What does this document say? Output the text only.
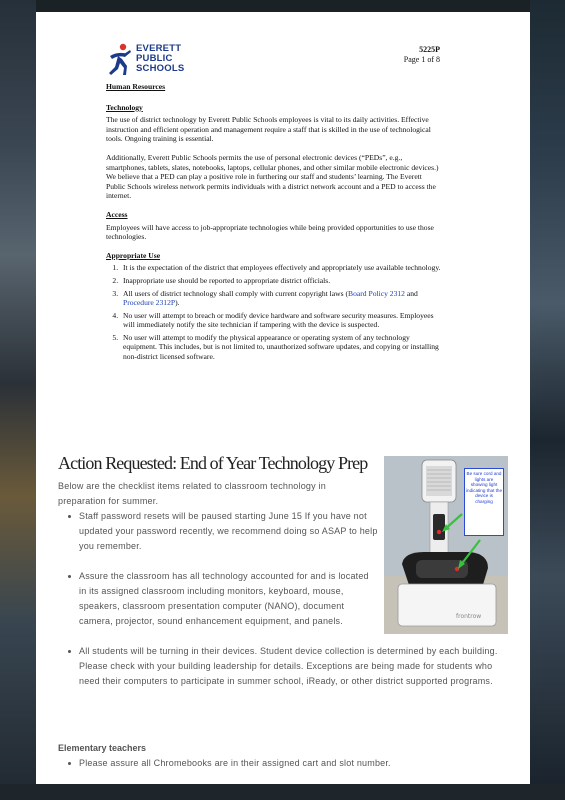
EVERETT
PUBLIC
SCHOOLS
5225P
Page 1 of 8
Human Resources
Technology

The use of district technology by Everett Public Schools employees is vital to its daily activities. Effective instruction and efficient operation and management require a staff that is skilled in the use of technological tools. Ongoing training is essential.

Additionally, Everett Public Schools permits the use of personal electronic devices (“PEDs”, e.g., smartphones, tablets, slates, notebooks, laptops, cellular phones, and other similar mobile electronic devices.) We believe that a PED can play a positive role in furthering our staff and students’ learning. The Everett Public Schools wireless network permits individuals with a district network account and a PED to access the internet.

Access

Employees will have access to job-appropriate technologies while being provided opportunities to use those technologies.

Appropriate Use
1. It is the expectation of the district that employees effectively and appropriately use available technology.
2. Inappropriate use should be reported to appropriate district officials.
3. All users of district technology shall comply with current copyright laws (Board Policy 2312 and Procedure 2312P).
4. No user will attempt to breach or modify device hardware and software security measures. Employees will immediately notify the site technician if tampering with the device is suspected.
5. No user will attempt to modify the physical appearance or operating system of any technology equipment. This includes, but is not limited to, unauthorized software updates, and copying or installing non-district licensed software.
Action Requested: End of Year Technology Prep
Below are the checklist items related to classroom technology in preparation for summer.
Staff password resets will be paused starting June 15 If you have not updated your password recently, we recommend doing so ASAP to help you remember.
Assure the classroom has all technology accounted for and is located in its assigned classroom including monitors, keyboard, mouse, speakers, classroom presentation computer (NANO), document camera, projector, sound enhancement equipment, and panels.
All students will be turning in their devices. Student device collection is determined by each building. Please check with your building leadership for details. Exceptions are being made for students who need their computers to participate in summer school, iReady, or other district supported programs.
frontrow
Be sure cord and lights are showing light indicating that the device is charging
Elementary teachers
Please assure all Chromebooks are in their assigned cart and slot number.
